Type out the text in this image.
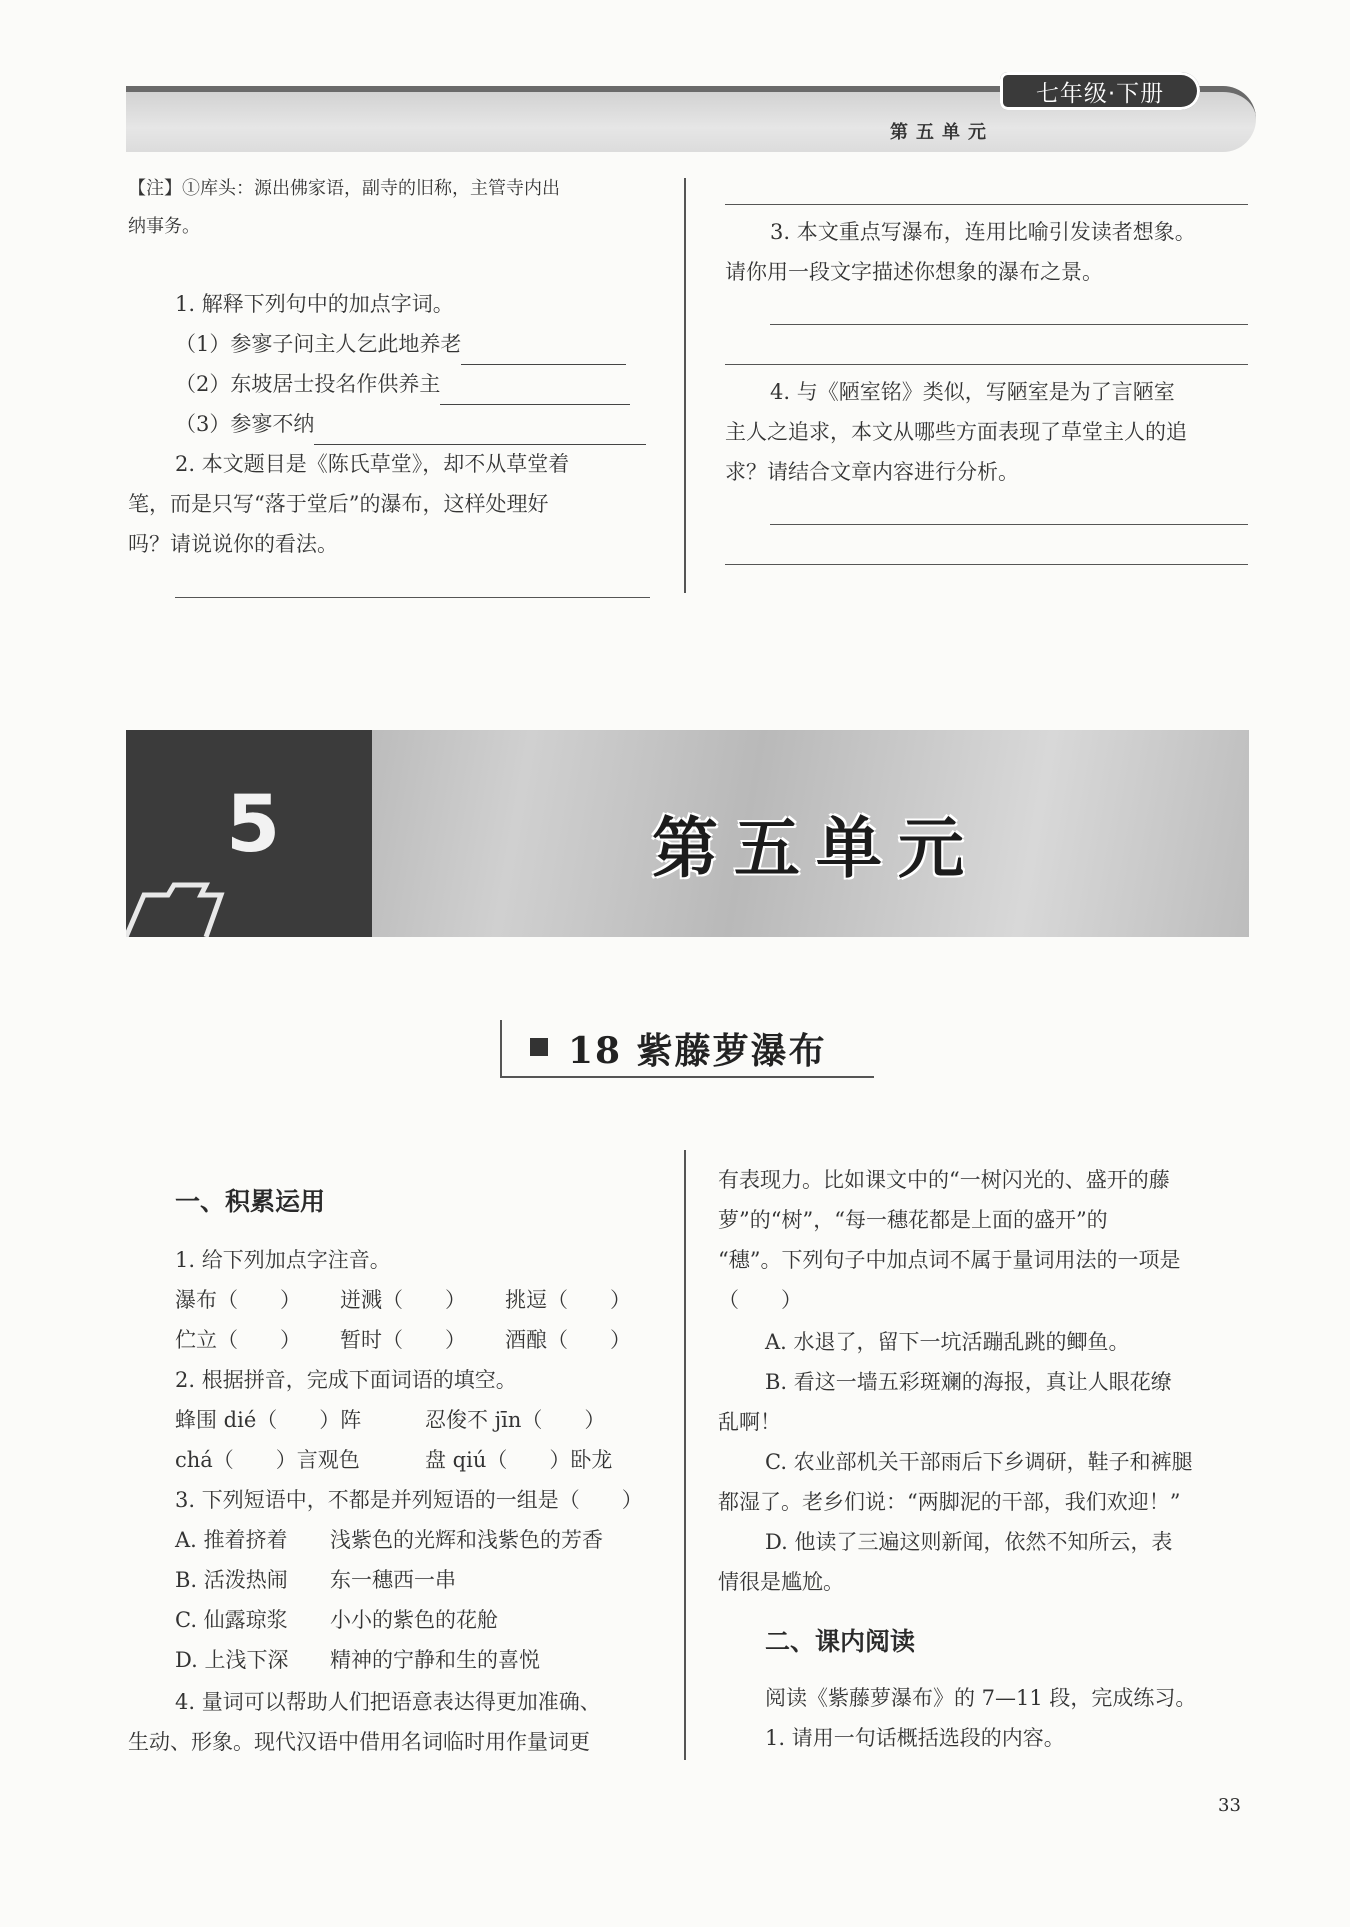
七年级·下册
第五单元
【注】①库头：源出佛家语，副寺的旧称，主管寺内出
纳事务。
1. 解释下列句中的加点字词。
（1）参寥子问主人乞此地养老
（2）东坡居士投名作供养主
（3）参寥不纳
2. 本文题目是《陈氏草堂》，却不从草堂着
笔，而是只写“落于堂后”的瀑布，这样处理好
吗？请说说你的看法。
3. 本文重点写瀑布，连用比喻引发读者想象。
请你用一段文字描述你想象的瀑布之景。
4. 与《陋室铭》类似，写陋室是为了言陋室
主人之追求，本文从哪些方面表现了草堂主人的追
求？请结合文章内容进行分析。
5	第五单元
18 紫藤萝瀑布
一、积累运用
1. 给下列加点字注音。
瀑布（　　） 迸溅（　　） 挑逗（　　）
伫立（　　） 暂时（　　） 酒酿（　　）
2. 根据拼音，完成下面词语的填空。
蜂围 dié（　　）阵	忍俊不 jīn（　　）
chá（　　）言观色	盘 qiú（　　）卧龙
3. 下列短语中，不都是并列短语的一组是（　　）
A. 推着挤着 浅紫色的光辉和浅紫色的芳香
B. 活泼热闹 东一穗西一串
C. 仙露琼浆 小小的紫色的花舱
D. 上浅下深 精神的宁静和生的喜悦
4. 量词可以帮助人们把语意表达得更加准确、
生动、形象。现代汉语中借用名词临时用作量词更
有表现力。比如课文中的“一树闪光的、盛开的藤
萝”的“树”，“每一穗花都是上面的盛开”的
“穗”。下列句子中加点词不属于量词用法的一项是
（　　）
A. 水退了，留下一坑活蹦乱跳的鲫鱼。
B. 看这一墙五彩斑斓的海报，真让人眼花缭
乱啊！
C. 农业部机关干部雨后下乡调研，鞋子和裤腿
都湿了。老乡们说：“两脚泥的干部，我们欢迎！”
D. 他读了三遍这则新闻，依然不知所云，表
情很是尴尬。
二、课内阅读
阅读《紫藤萝瀑布》的 7—11 段，完成练习。
1. 请用一句话概括选段的内容。
33
